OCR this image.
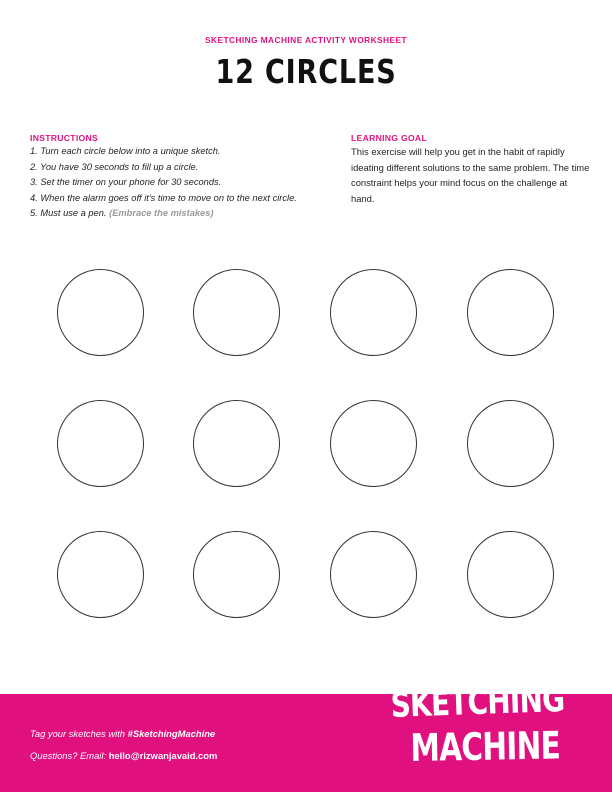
SKETCHING MACHINE ACTIVITY WORKSHEET
12 CIRCLES
INSTRUCTIONS
1. Turn each circle below into a unique sketch.
2. You have 30 seconds to fill up a circle.
3. Set the timer on your phone for 30 seconds.
4. When the alarm goes off it's time to move on to the next circle.
5. Must use a pen. (Embrace the mistakes)
LEARNING GOAL
This exercise will help you get in the habit of rapidly ideating different solutions to the same problem. The time constraint helps your mind focus on the challenge at hand.
Tag your sketches with #SketchingMachine
Questions? Email: hello@rizwanjavaid.com
SKETCHING
MACHINE
